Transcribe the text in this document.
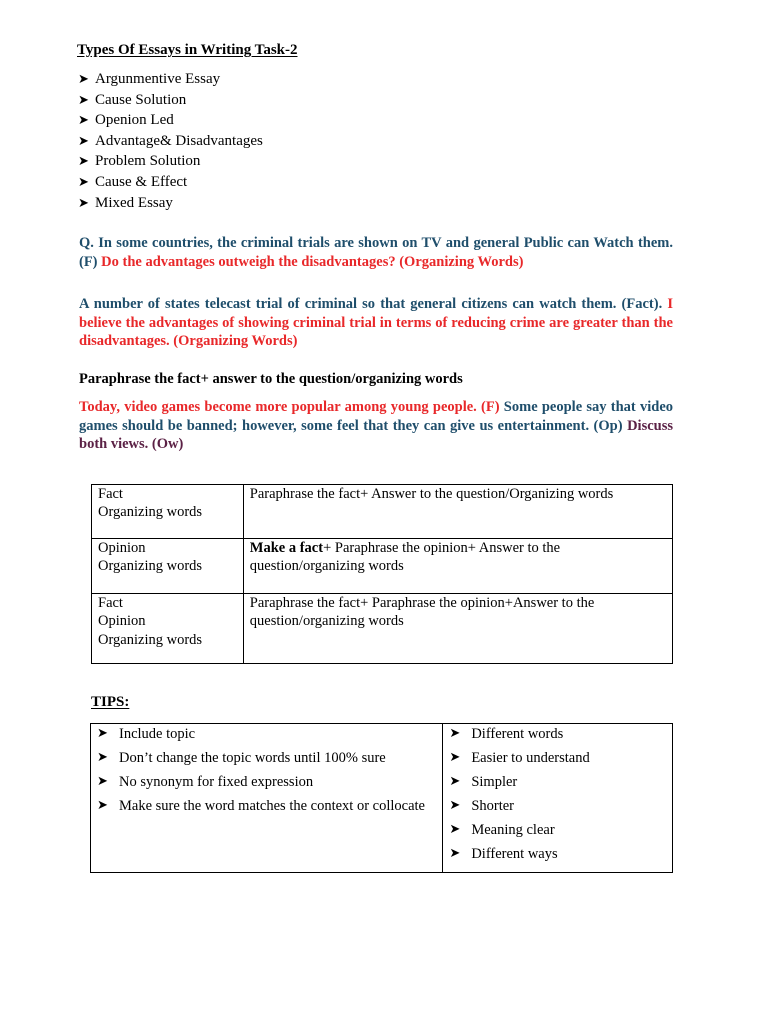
Types Of Essays in Writing Task-2
➤ Argunmentive Essay
➤ Cause Solution
➤ Openion Led
➤ Advantage& Disadvantages
➤ Problem Solution
➤ Cause & Effect
➤ Mixed Essay
Q. In some countries, the criminal trials are shown on TV and general Public can Watch them. (F) Do the advantages outweigh the disadvantages? (Organizing Words)
A number of states telecast trial of criminal so that general citizens can watch them. (Fact). I believe the advantages of showing criminal trial in terms of reducing crime are greater than the disadvantages. (Organizing Words)
Paraphrase the fact+ answer to the question/organizing words
Today, video games become more popular among young people. (F) Some people say that video games should be banned; however, some feel that they can give us entertainment. (Op) Discuss both views. (Ow)
Fact
Organizing words	Paraphrase the fact+ Answer to the question/Organizing words

Opinion
Organizing words	Make a fact+ Paraphrase the opinion+ Answer to the question/organizing words

Fact
Opinion
Organizing words	Paraphrase the fact+ Paraphrase the opinion+Answer to the question/organizing words
TIPS:
➤ Include topic
➤ Don’t change the topic words until 100% sure
➤ No synonym for fixed expression
➤ Make sure the word matches the context or collocate

➤ Different words
➤ Easier to understand
➤ Simpler
➤ Shorter
➤ Meaning clear
➤ Different ways
